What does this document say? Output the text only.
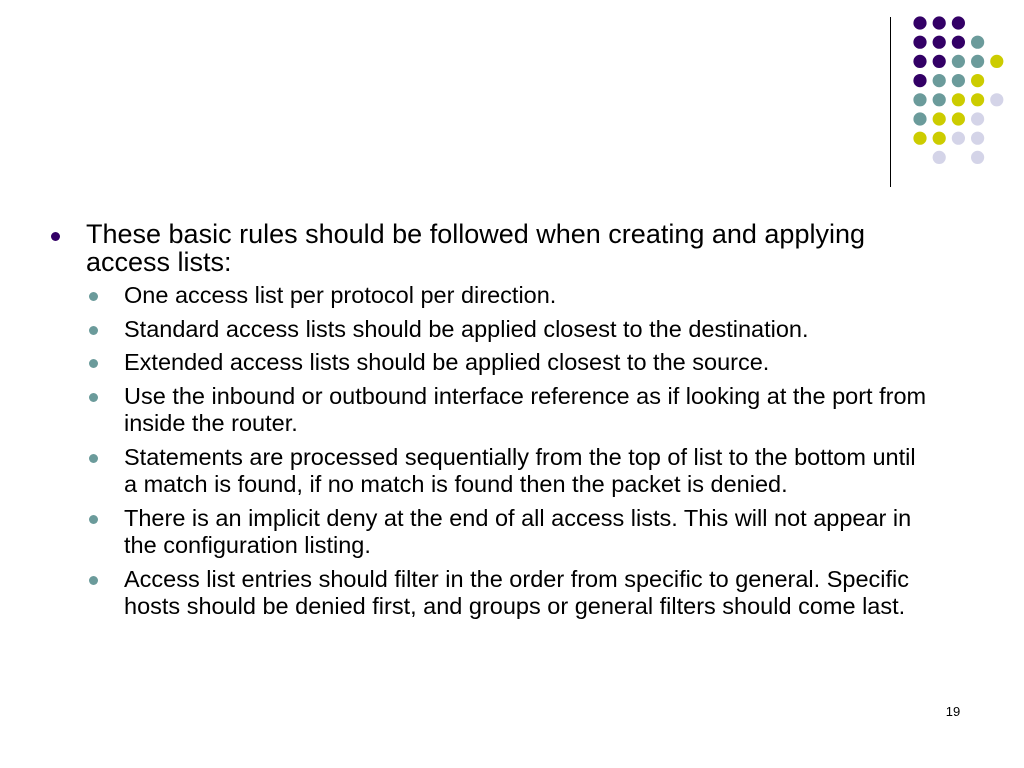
These basic rules should be followed when creating and applying access lists:
One access list per protocol per direction.
Standard access lists should be applied closest to the destination.
Extended access lists should be applied closest to the source.
Use the inbound or outbound interface reference as if looking at the port from inside the router.
Statements are processed sequentially from the top of list to the bottom until a match is found, if no match is found then the packet is denied.
There is an implicit deny at the end of all access lists. This will not appear in the configuration listing.
Access list entries should filter in the order from specific to general. Specific hosts should be denied first, and groups or general filters should come last.
19
